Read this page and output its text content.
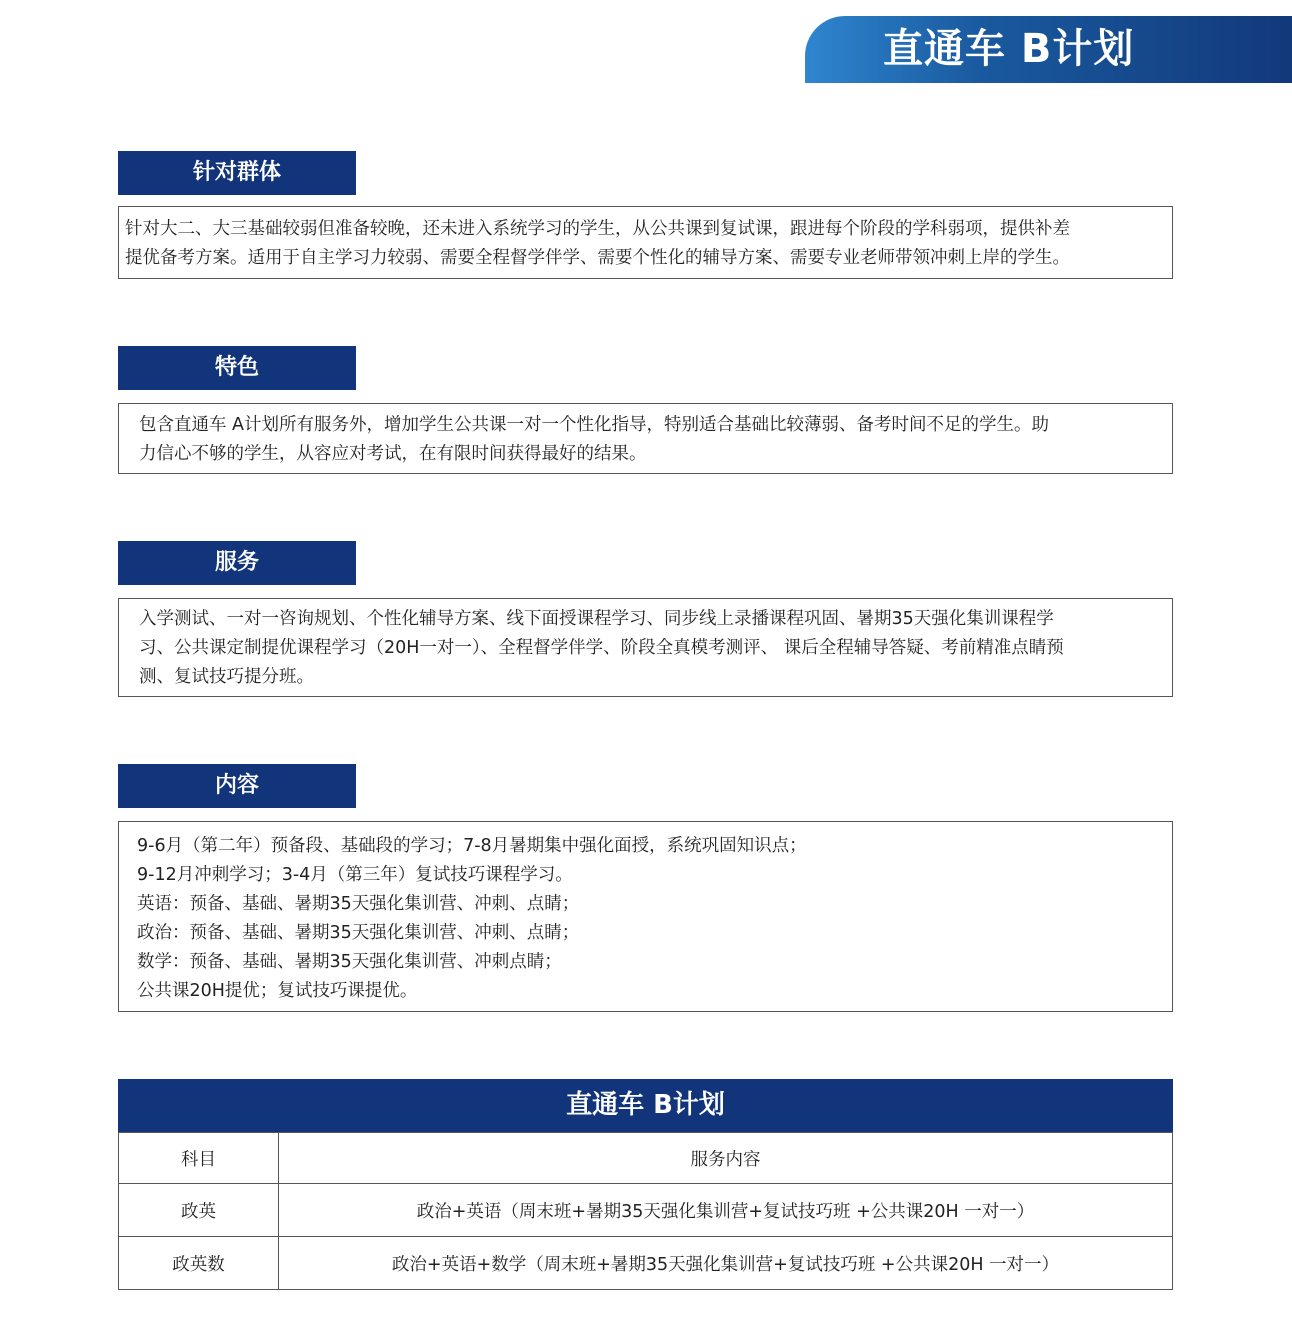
直通车 B计划
针对群体

针对大二、大三基础较弱但准备较晚，还未进入系统学习的学生，从公共课到复试课，跟进每个阶段的学科弱项，提供补差

提优备考方案。适用于自主学习力较弱、需要全程督学伴学、需要个性化的辅导方案、需要专业老师带领冲刺上岸的学生。

特色

包含直通车 A计划所有服务外，增加学生公共课一对一个性化指导，特别适合基础比较薄弱、备考时间不足的学生。助

力信心不够的学生，从容应对考试，在有限时间获得最好的结果。

服务

入学测试、一对一咨询规划、个性化辅导方案、线下面授课程学习、同步线上录播课程巩固、暑期35天强化集训课程学

习、公共课定制提优课程学习（20H一对一）、全程督学伴学、阶段全真模考测评、 课后全程辅导答疑、考前精准点睛预

测、复试技巧提分班。

内容

9-6月（第二年）预备段、基础段的学习；7-8月暑期集中强化面授，系统巩固知识点；

9-12月冲刺学习；3-4月（第三年）复试技巧课程学习。

英语：预备、基础、暑期35天强化集训营、冲刺、点睛；

政治：预备、基础、暑期35天强化集训营、冲刺、点睛；

数学：预备、基础、暑期35天强化集训营、冲刺点睛；

公共课20H提优；复试技巧课提优。

直通车 B计划
科目	服务内容
政英	政治+英语（周末班+暑期35天强化集训营+复试技巧班 +公共课20H 一对一）
政英数	政治+英语+数学（周末班+暑期35天强化集训营+复试技巧班 +公共课20H 一对一）
